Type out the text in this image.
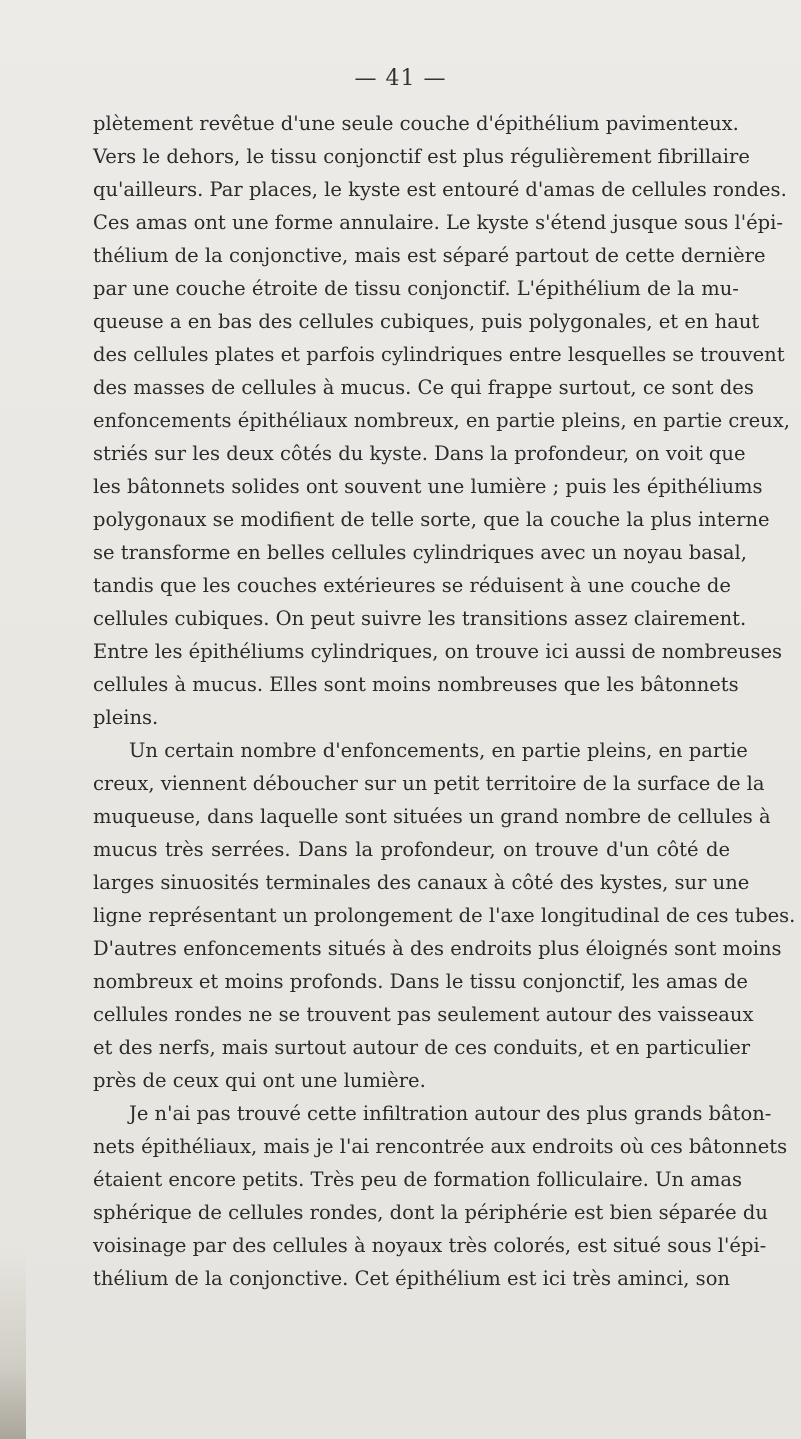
— 41 —
plètement revêtue d'une seule couche d'épithélium pavimenteux.
Vers le dehors, le tissu conjonctif est plus régulièrement fibrillaire
qu'ailleurs. Par places, le kyste est entouré d'amas de cellules rondes.
Ces amas ont une forme annulaire. Le kyste s'étend jusque sous l'épi-
thélium de la conjonctive, mais est séparé partout de cette dernière
par une couche étroite de tissu conjonctif. L'épithélium de la mu-
queuse a en bas des cellules cubiques, puis polygonales, et en haut
des cellules plates et parfois cylindriques entre lesquelles se trouvent
des masses de cellules à mucus. Ce qui frappe surtout, ce sont des
enfoncements épithéliaux nombreux, en partie pleins, en partie creux,
striés sur les deux côtés du kyste. Dans la profondeur, on voit que
les bâtonnets solides ont souvent une lumière ; puis les épithéliums
polygonaux se modifient de telle sorte, que la couche la plus interne
se transforme en belles cellules cylindriques avec un noyau basal,
tandis que les couches extérieures se réduisent à une couche de
cellules cubiques. On peut suivre les transitions assez clairement.
Entre les épithéliums cylindriques, on trouve ici aussi de nombreuses
cellules à mucus. Elles sont moins nombreuses que les bâtonnets
pleins.
Un certain nombre d'enfoncements, en partie pleins, en partie
creux, viennent déboucher sur un petit territoire de la surface de la
muqueuse, dans laquelle sont situées un grand nombre de cellules à
mucus très serrées. Dans la profondeur, on trouve d'un côté de
larges sinuosités terminales des canaux à côté des kystes, sur une
ligne représentant un prolongement de l'axe longitudinal de ces tubes.
D'autres enfoncements situés à des endroits plus éloignés sont moins
nombreux et moins profonds. Dans le tissu conjonctif, les amas de
cellules rondes ne se trouvent pas seulement autour des vaisseaux
et des nerfs, mais surtout autour de ces conduits, et en particulier
près de ceux qui ont une lumière.
Je n'ai pas trouvé cette infiltration autour des plus grands bâton-
nets épithéliaux, mais je l'ai rencontrée aux endroits où ces bâtonnets
étaient encore petits. Très peu de formation folliculaire. Un amas
sphérique de cellules rondes, dont la périphérie est bien séparée du
voisinage par des cellules à noyaux très colorés, est situé sous l'épi-
thélium de la conjonctive. Cet épithélium est ici très aminci, son
